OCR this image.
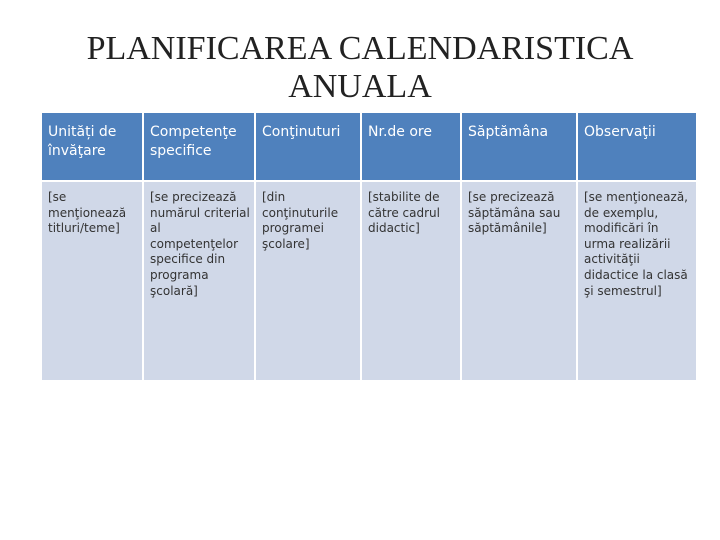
PLANIFICAREA CALENDARISTICA
ANUALA
Unități de învăţare	Competenţe specifice	Conţinuturi	Nr.de ore	Săptămâna	Observaţii

[se menţionează titluri/teme]	[se precizează numărul criterial al competenţelor specifice din programa şcolară]	[din conţinuturile programei şcolare]	[stabilite de către cadrul didactic]	[se precizează săptămâna sau săptămânile]	[se menţionează, de exemplu, modificări în urma realizării activităţii didactice la clasă şi semestrul]
